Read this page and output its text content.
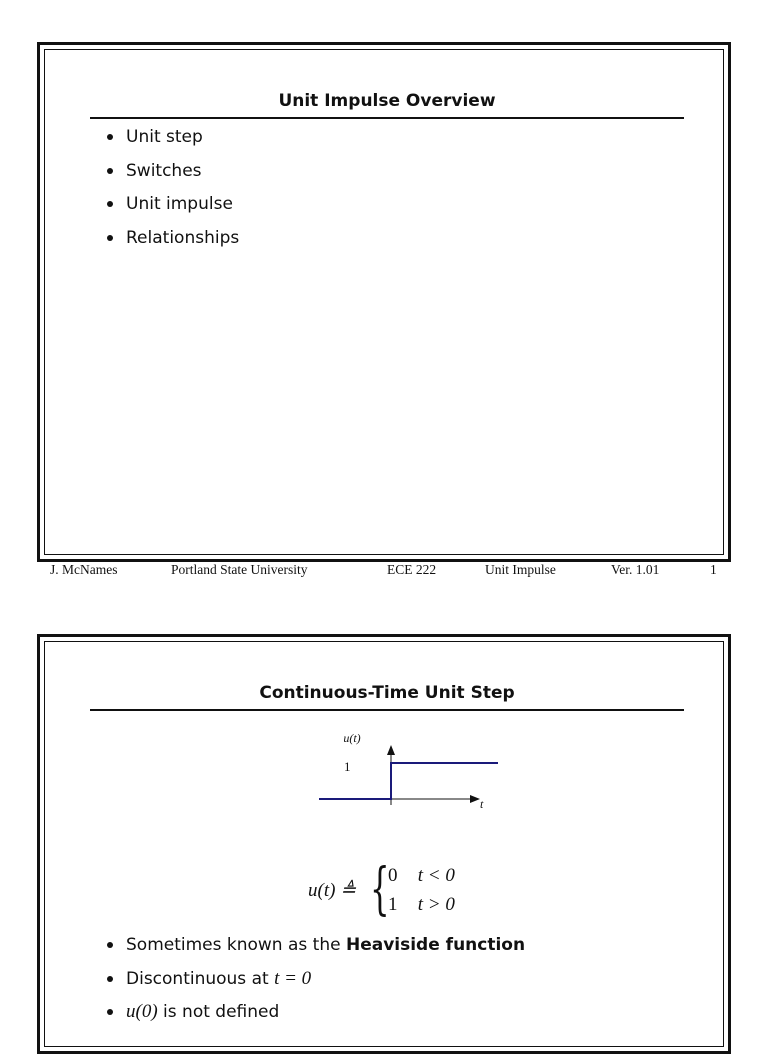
Unit Impulse Overview
Unit step
Switches
Unit impulse
Relationships
J. McNames	Portland State University	ECE 222	Unit Impulse	Ver. 1.01	1
Continuous-Time Unit Step
u(t)
t
1
u(t) ≜ {
0 t < 0
1 t > 0
Sometimes known as the Heaviside function
Discontinuous at t = 0
u(0) is not defined
